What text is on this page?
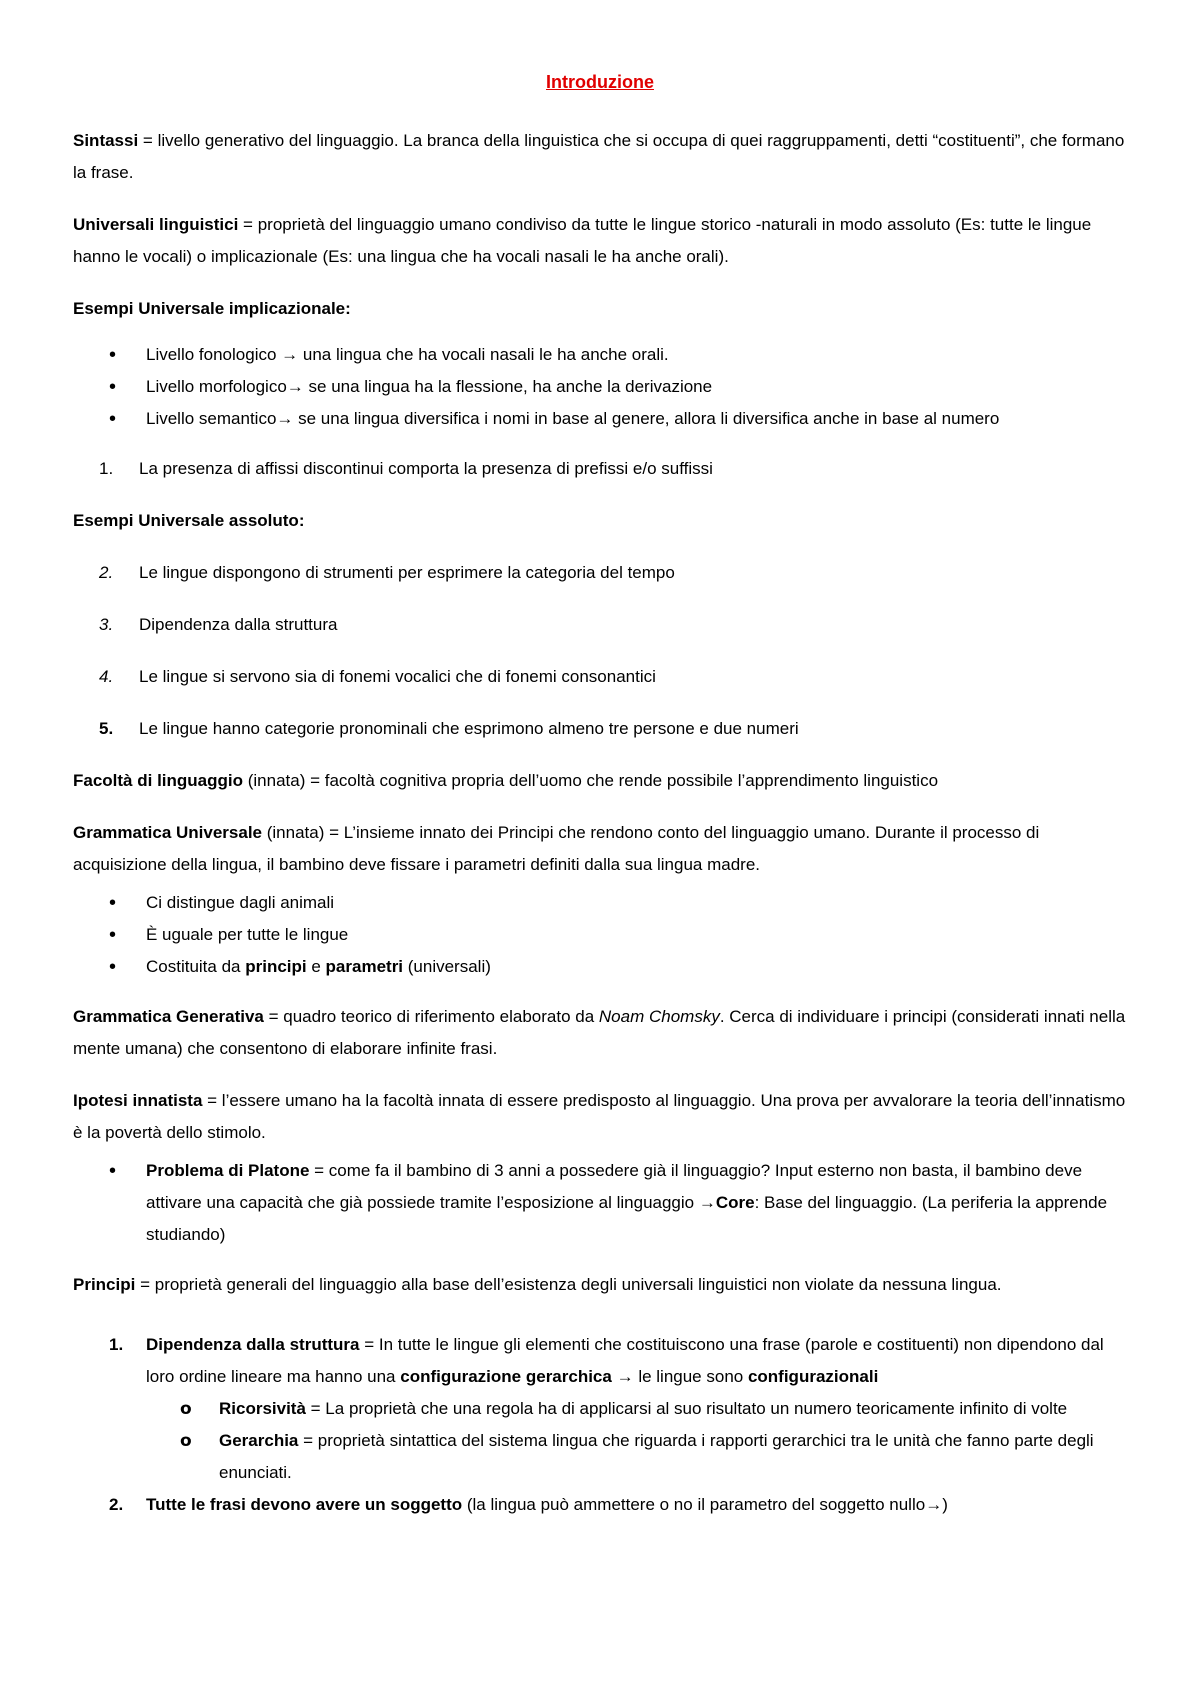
Introduzione

Sintassi = livello generativo del linguaggio. La branca della linguistica che si occupa di quei raggruppamenti, detti “costituenti”, che formano la frase.

Universali linguistici = proprietà del linguaggio umano condiviso da tutte le lingue storico -naturali in modo assoluto (Es: tutte le lingue hanno le vocali) o implicazionale (Es: una lingua che ha vocali nasali le ha anche orali).

Esempi Universale implicazionale:

• Livello fonologico → una lingua che ha vocali nasali le ha anche orali.
• Livello morfologico→ se una lingua ha la flessione, ha anche la derivazione
• Livello semantico→ se una lingua diversifica i nomi in base al genere, allora li diversifica anche in base al numero
1. La presenza di affissi discontinui comporta la presenza di prefissi e/o suffissi

Esempi Universale assoluto:

2. Le lingue dispongono di strumenti per esprimere la categoria del tempo
3. Dipendenza dalla struttura
4. Le lingue si servono sia di fonemi vocalici che di fonemi consonantici
5. Le lingue hanno categorie pronominali che esprimono almeno tre persone e due numeri

Facoltà di linguaggio (innata) = facoltà cognitiva propria dell’uomo che rende possibile l’apprendimento linguistico

Grammatica Universale (innata) = L’insieme innato dei Principi che rendono conto del linguaggio umano. Durante il processo di acquisizione della lingua, il bambino deve fissare i parametri definiti dalla sua lingua madre.

• Ci distingue dagli animali
• È uguale per tutte le lingue
• Costituita da principi e parametri (universali)

Grammatica Generativa = quadro teorico di riferimento elaborato da Noam Chomsky. Cerca di individuare i principi (considerati innati nella mente umana) che consentono di elaborare infinite frasi.

Ipotesi innatista = l’essere umano ha la facoltà innata di essere predisposto al linguaggio. Una prova per avvalorare la teoria dell’innatismo è la povertà dello stimolo.

• Problema di Platone = come fa il bambino di 3 anni a possedere già il linguaggio? Input esterno non basta, il bambino deve attivare una capacità che già possiede tramite l’esposizione al linguaggio →Core: Base del linguaggio. (La periferia la apprende studiando)

Principi = proprietà generali del linguaggio alla base dell’esistenza degli universali linguistici non violate da nessuna lingua.

1. Dipendenza dalla struttura = In tutte le lingue gli elementi che costituiscono una frase (parole e costituenti) non dipendono dal loro ordine lineare ma hanno una configurazione gerarchica → le lingue sono configurazionali
o Ricorsività = La proprietà che una regola ha di applicarsi al suo risultato un numero teoricamente infinito di volte
o Gerarchia = proprietà sintattica del sistema lingua che riguarda i rapporti gerarchici tra le unità che fanno parte degli enunciati.
2. Tutte le frasi devono avere un soggetto (la lingua può ammettere o no il parametro del soggetto nullo→)
